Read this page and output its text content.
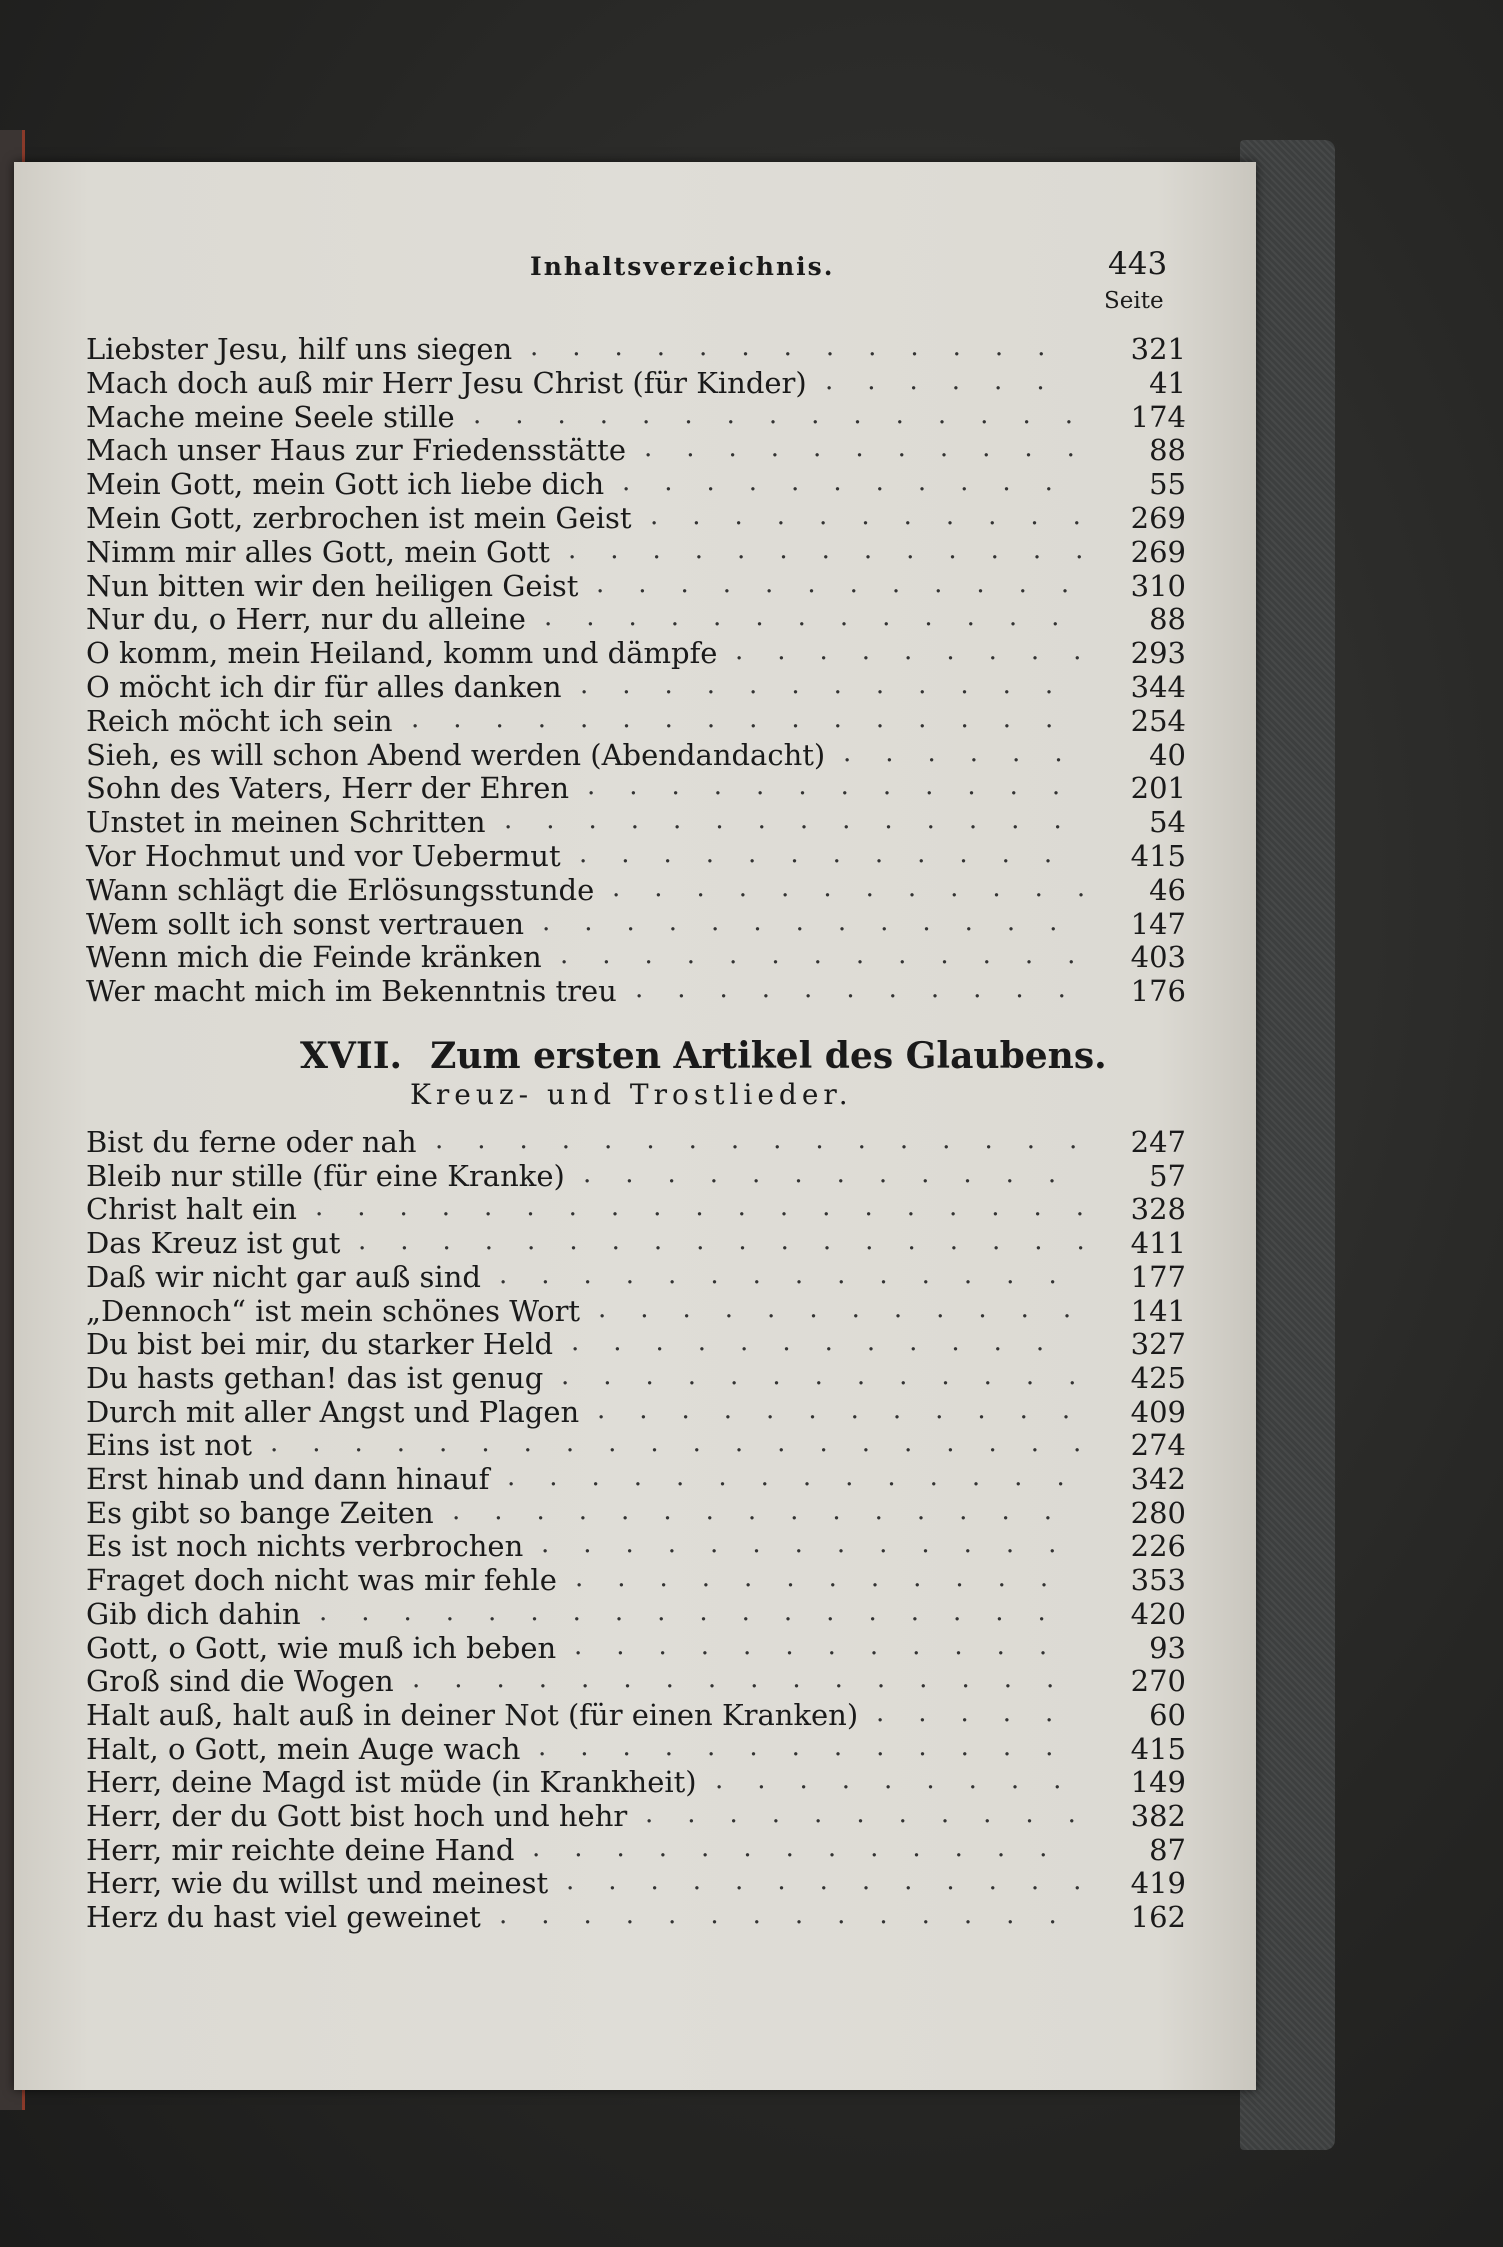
Inhaltsverzeichnis.	443
Seite
Liebster Jesu, hilf uns siegen ............. 321
Mach doch auß mir Herr Jesu Christ (für Kinder) ......	41
Mache meine Seele stille ............... 174
Mach unser Haus zur Friedensstätte ...........	88
Mein Gott, mein Gott ich liebe dich ...........	55
Mein Gott, zerbrochen ist mein Geist ........... 269
Nimm mir alles Gott, mein Gott ............. 269
Nun bitten wir den heiligen Geist ............ 310
Nur du, o Herr, nur du alleine .............	88
O komm, mein Heiland, komm und dämpfe ......... 293
O möcht ich dir für alles danken ............ 344
Reich möcht ich sein ................ 254
Sieh, es will schon Abend werden (Abendandacht) ......	40
Sohn des Vaters, Herr der Ehren ............ 201
Unstet in meinen Schritten ..............	54
Vor Hochmut und vor Uebermut ............ 415
Wann schlägt die Erlösungsstunde ............	46
Wem sollt ich sonst vertrauen ............. 147
Wenn mich die Feinde kränken ............. 403
Wer macht mich im Bekenntnis treu ........... 176
XVII. Zum ersten Artikel des Glaubens.
Kreuz- und Trostlieder.
Bist du ferne oder nah ................ 247
Bleib nur stille (für eine Kranke) ............	57
Christ halt ein ................... 328
Das Kreuz ist gut .................. 411
Daß wir nicht gar auß sind .............. 177
„Dennoch“ ist mein schönes Wort ............ 141
Du bist bei mir, du starker Held ............ 327
Du hasts gethan! das ist genug ............. 425
Durch mit aller Angst und Plagen ............ 409
Eins ist not .................... 274
Erst hinab und dann hinauf .............. 342
Es gibt so bange Zeiten ............... 280
Es ist noch nichts verbrochen ............. 226
Fraget doch nicht was mir fehle ............ 353
Gib dich dahin .................. 420
Gott, o Gott, wie muß ich beben ............	93
Groß sind die Wogen ................ 270
Halt auß, halt auß in deiner Not (für einen Kranken) .....	60
Halt, o Gott, mein Auge wach ............. 415
Herr, deine Magd ist müde (in Krankheit) ......... 149
Herr, der du Gott bist hoch und hehr ........... 382
Herr, mir reichte deine Hand .............	87
Herr, wie du willst und meinest ............. 419
Herz du hast viel geweinet .............. 162
